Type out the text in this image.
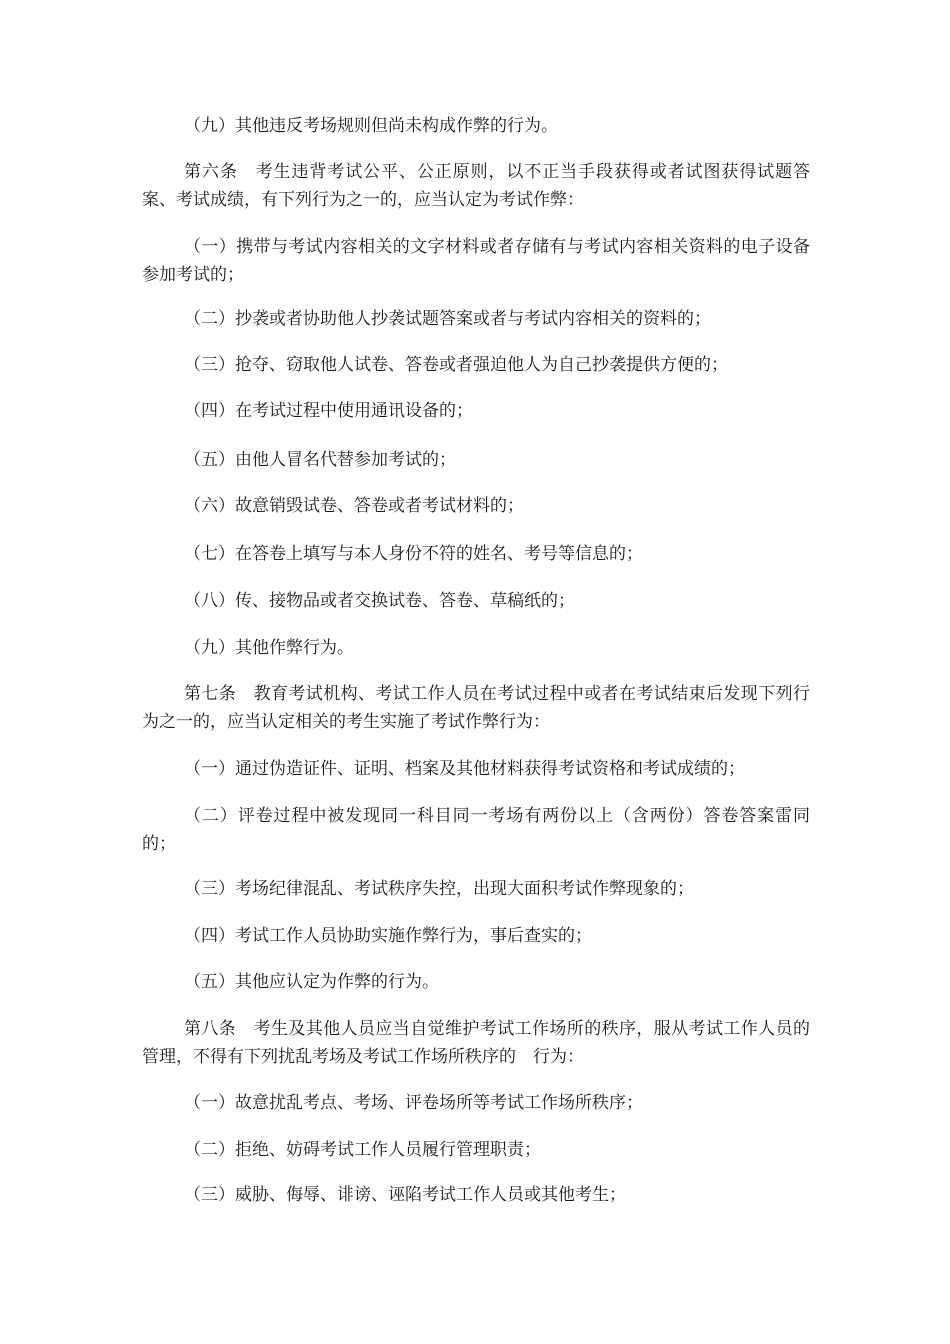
（九）其他违反考场规则但尚未构成作弊的行为。

第六条　考生违背考试公平、公正原则，以不正当手段获得或者试图获得试题答案、考试成绩，有下列行为之一的，应当认定为考试作弊：

（一）携带与考试内容相关的文字材料或者存储有与考试内容相关资料的电子设备参加考试的；

（二）抄袭或者协助他人抄袭试题答案或者与考试内容相关的资料的；

（三）抢夺、窃取他人试卷、答卷或者强迫他人为自己抄袭提供方便的；

（四）在考试过程中使用通讯设备的；

（五）由他人冒名代替参加考试的；

（六）故意销毁试卷、答卷或者考试材料的；

（七）在答卷上填写与本人身份不符的姓名、考号等信息的；

（八）传、接物品或者交换试卷、答卷、草稿纸的；

（九）其他作弊行为。

第七条　教育考试机构、考试工作人员在考试过程中或者在考试结束后发现下列行为之一的，应当认定相关的考生实施了考试作弊行为：

（一）通过伪造证件、证明、档案及其他材料获得考试资格和考试成绩的；

（二）评卷过程中被发现同一科目同一考场有两份以上（含两份）答卷答案雷同的；

（三）考场纪律混乱、考试秩序失控，出现大面积考试作弊现象的；

（四）考试工作人员协助实施作弊行为，事后查实的；

（五）其他应认定为作弊的行为。

第八条　考生及其他人员应当自觉维护考试工作场所的秩序，服从考试工作人员的管理，不得有下列扰乱考场及考试工作场所秩序的　行为：

（一）故意扰乱考点、考场、评卷场所等考试工作场所秩序；

（二）拒绝、妨碍考试工作人员履行管理职责；

（三）威胁、侮辱、诽谤、诬陷考试工作人员或其他考生；
